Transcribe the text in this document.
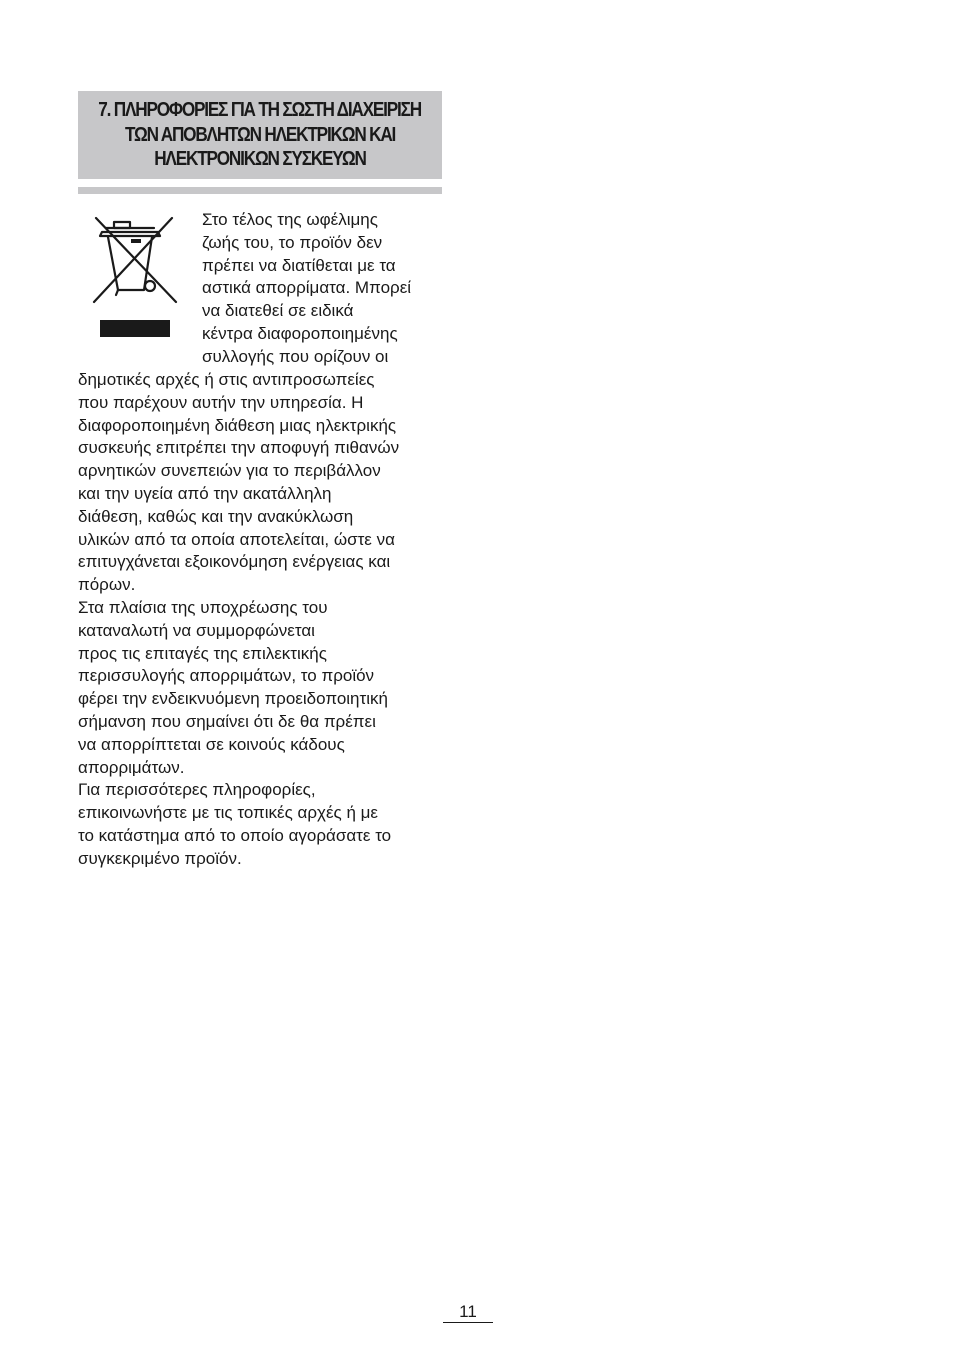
7. ΠΛΗΡΟΦΟΡΙΕΣ ΓΙΑ ΤΗ ΣΩΣΤΗ ΔΙΑΧΕΙΡΙΣΗ
ΤΩΝ ΑΠΟΒΛΗΤΩΝ ΗΛΕΚΤΡΙΚΩΝ ΚΑΙ
ΗΛΕΚΤΡΟΝΙΚΩΝ ΣΥΣΚΕΥΩΝ
Στο τέλος της ωφέλιμης
ζωής του, το προϊόν δεν
πρέπει να διατίθεται με τα
αστικά απορρίματα. Μπορεί
να διατεθεί σε ειδικά
κέντρα διαφοροποιημένης
συλλογής που ορίζουν οι
δημοτικές αρχές ή στις αντιπροσωπείες
που παρέχουν αυτήν την υπηρεσία. Η
διαφοροποιημένη διάθεση μιας ηλεκτρικής
συσκευής επιτρέπει την αποφυγή πιθανών
αρνητικών συνεπειών για το περιβάλλον
και την υγεία από την ακατάλληλη
διάθεση, καθώς και την ανακύκλωση
υλικών από τα οποία αποτελείται, ώστε να
επιτυγχάνεται εξοικονόμηση ενέργειας και
πόρων.
Στα πλαίσια της υποχρέωσης του
καταναλωτή να συμμορφώνεται
προς τις επιταγές της επιλεκτικής
περισσυλογής απορριμάτων, το προϊόν
φέρει την ενδεικνυόμενη προειδοποιητική
σήμανση που σημαίνει ότι δε θα πρέπει
να απορρίπτεται σε κοινούς κάδους
απορριμάτων.
Για περισσότερες πληροφορίες,
επικοινωνήστε με τις τοπικές αρχές ή με
το κατάστημα από το οποίο αγοράσατε το
συγκεκριμένο προϊόν.
11
